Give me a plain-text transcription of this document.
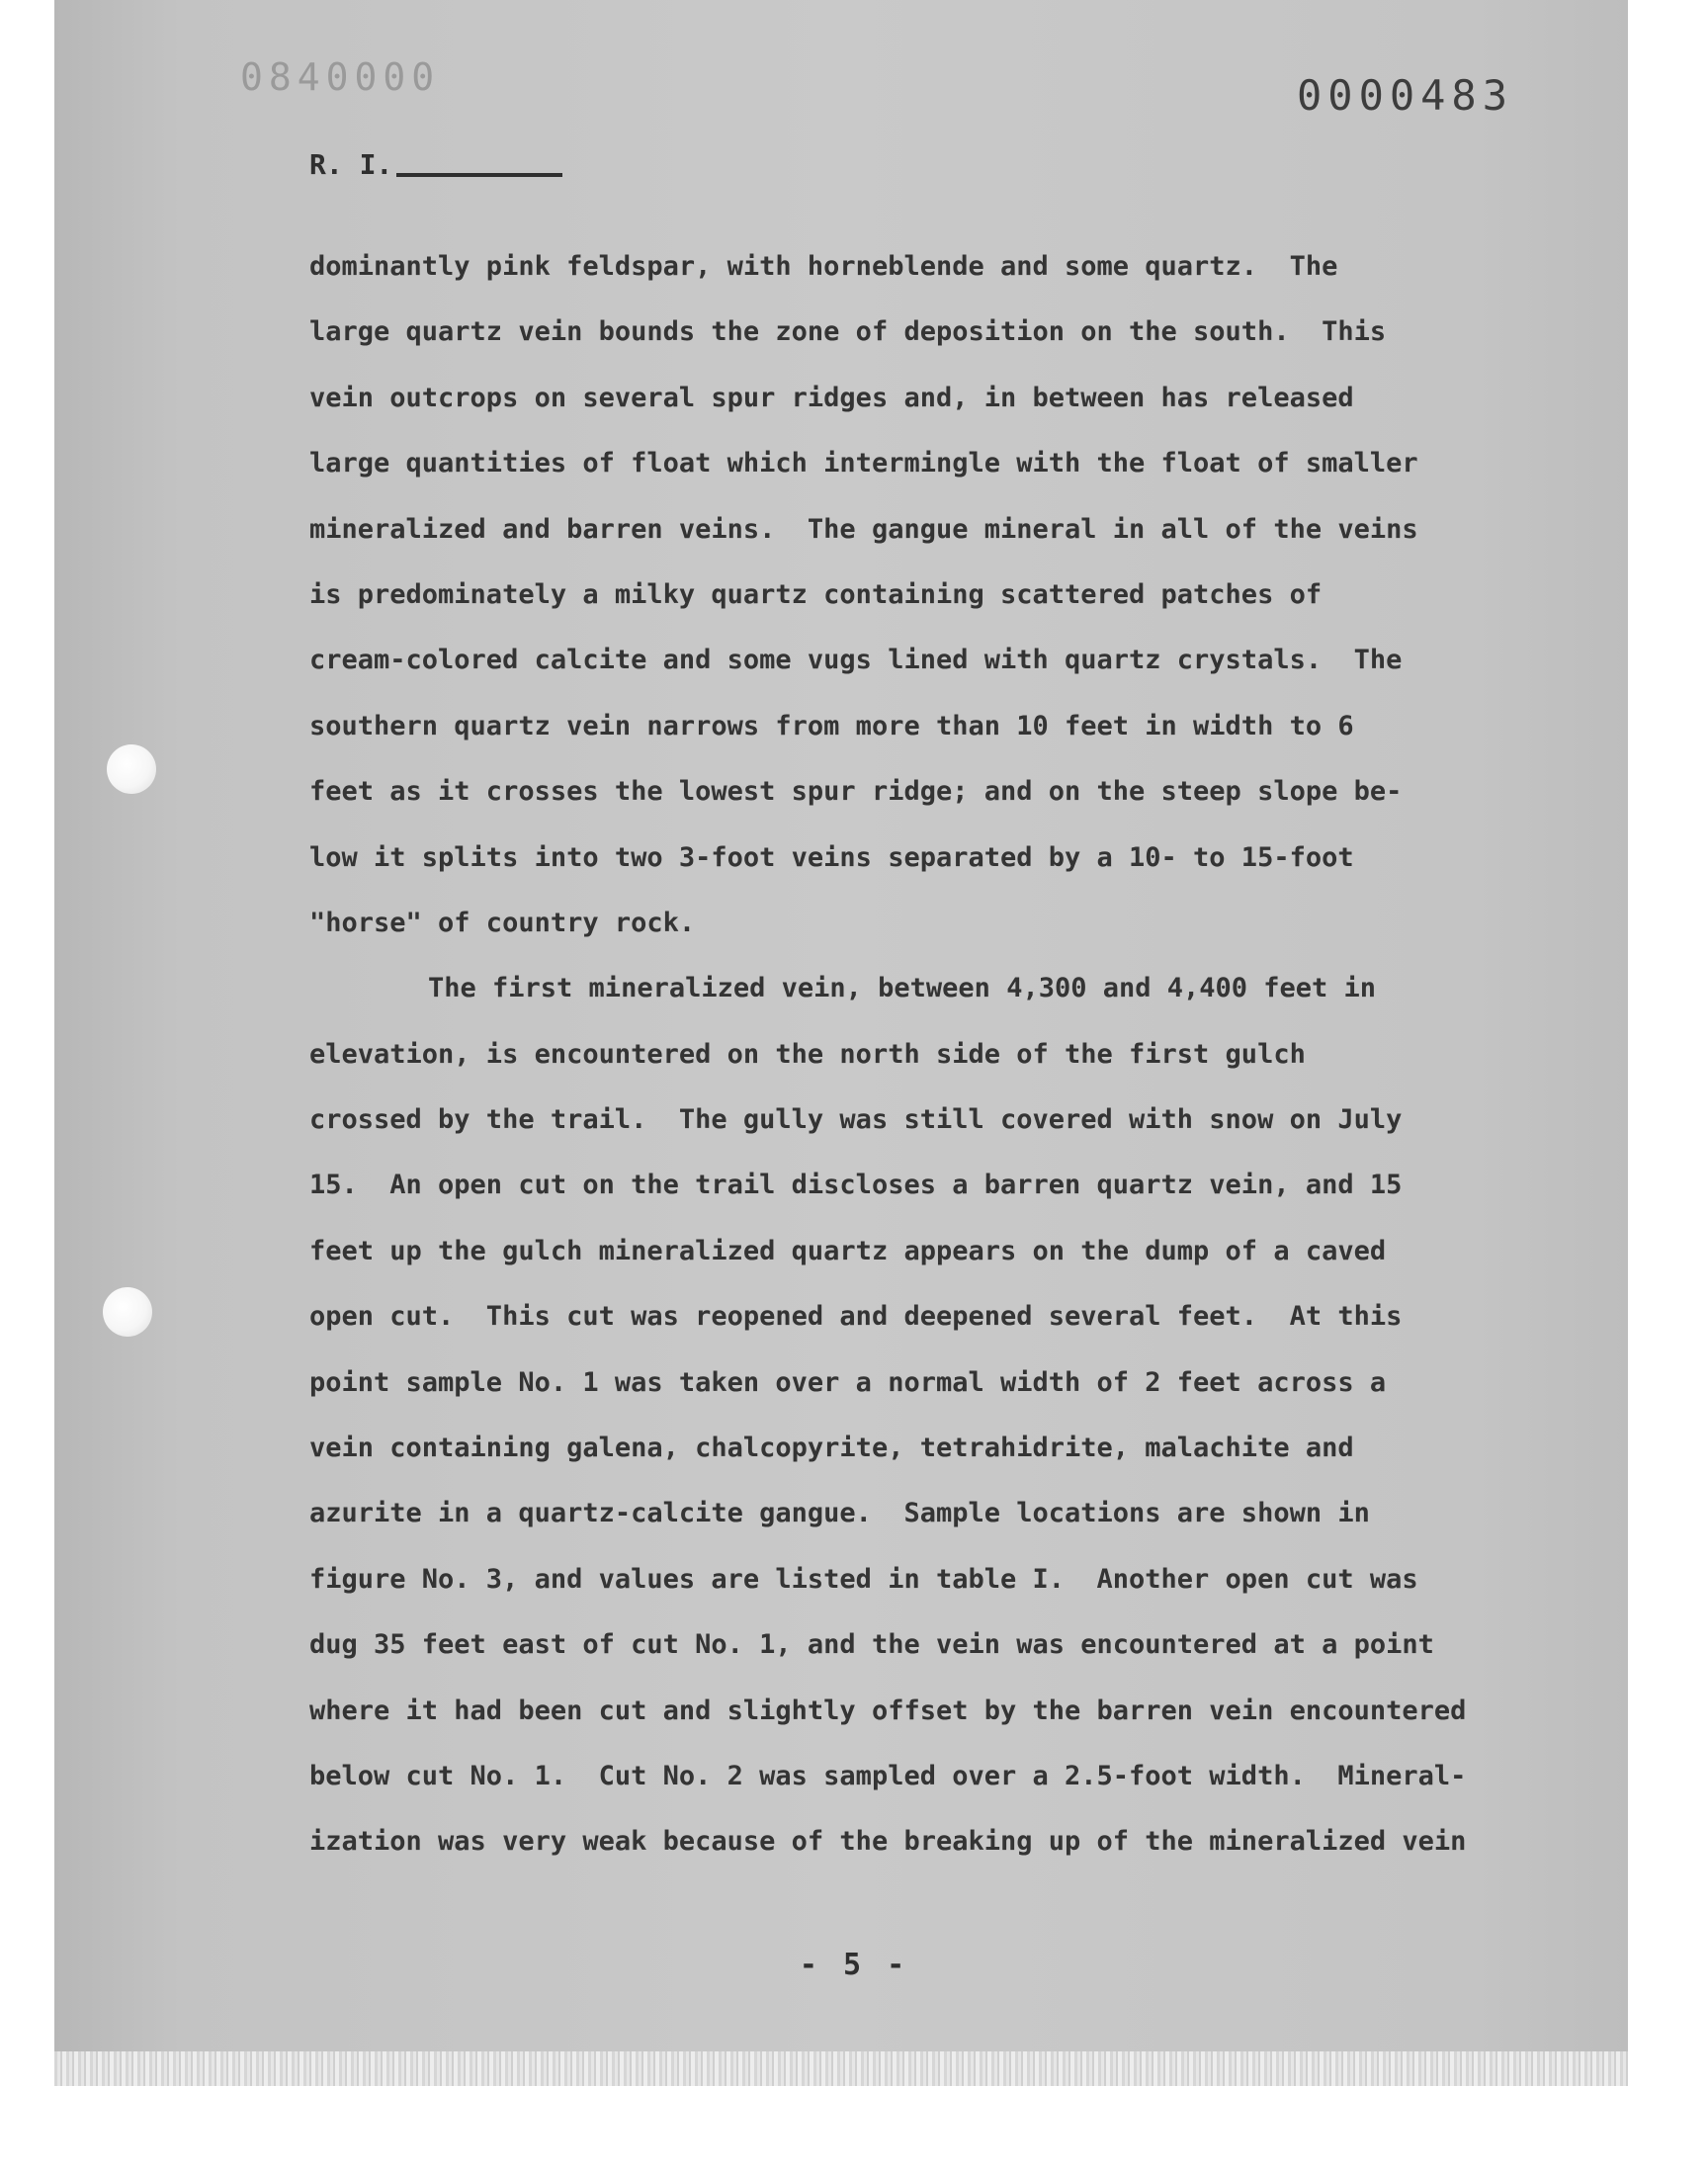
0840000	0000483
R. I.
dominantly pink feldspar, with horneblende and some quartz.  The
large quartz vein bounds the zone of deposition on the south.  This
vein outcrops on several spur ridges and, in between has released
large quantities of float which intermingle with the float of smaller
mineralized and barren veins.  The gangue mineral in all of the veins
is predominately a milky quartz containing scattered patches of
cream-colored calcite and some vugs lined with quartz crystals.  The
southern quartz vein narrows from more than 10 feet in width to 6
feet as it crosses the lowest spur ridge; and on the steep slope be-
low it splits into two 3-foot veins separated by a 10- to 15-foot
"horse" of country rock.
The first mineralized vein, between 4,300 and 4,400 feet in
elevation, is encountered on the north side of the first gulch
crossed by the trail.  The gully was still covered with snow on July
15.  An open cut on the trail discloses a barren quartz vein, and 15
feet up the gulch mineralized quartz appears on the dump of a caved
open cut.  This cut was reopened and deepened several feet.  At this
point sample No. 1 was taken over a normal width of 2 feet across a
vein containing galena, chalcopyrite, tetrahidrite, malachite and
azurite in a quartz-calcite gangue.  Sample locations are shown in
figure No. 3, and values are listed in table I.  Another open cut was
dug 35 feet east of cut No. 1, and the vein was encountered at a point
where it had been cut and slightly offset by the barren vein encountered
below cut No. 1.  Cut No. 2 was sampled over a 2.5-foot width.  Mineral-
ization was very weak because of the breaking up of the mineralized vein
- 5 -
